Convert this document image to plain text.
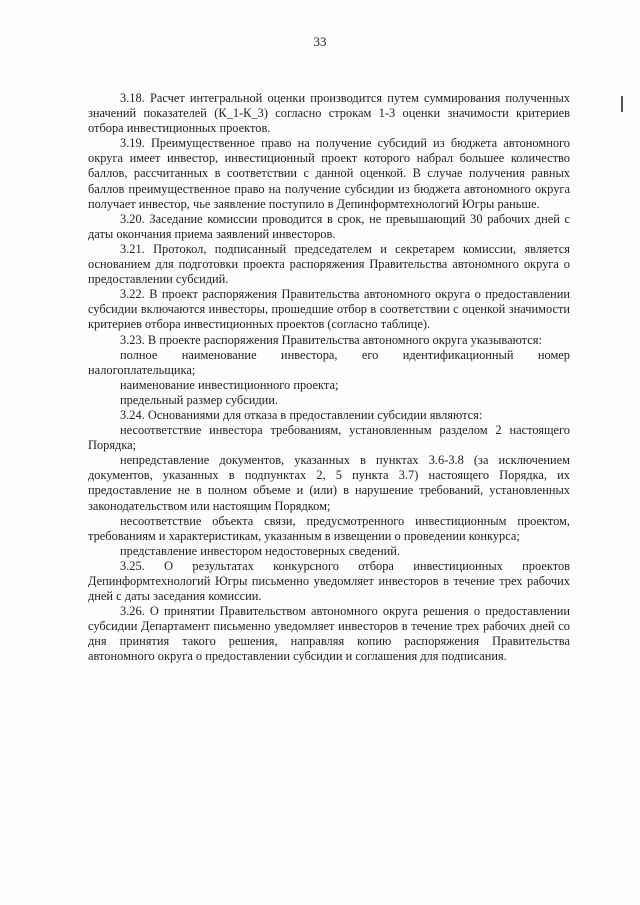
33

3.18. Расчет интегральной оценки производится путем суммирования полученных значений показателей (К_1-К_3) согласно строкам 1-3 оценки значимости критериев отбора инвестиционных проектов.

3.19. Преимущественное право на получение субсидий из бюджета автономного округа имеет инвестор, инвестиционный проект которого набрал большее количество баллов, рассчитанных в соответствии с данной оценкой. В случае получения равных баллов преимущественное право на получение субсидии из бюджета автономного округа получает инвестор, чье заявление поступило в Депинформтехнологий Югры раньше.

3.20. Заседание комиссии проводится в срок, не превышающий 30 рабочих дней с даты окончания приема заявлений инвесторов.

3.21. Протокол, подписанный председателем и секретарем комиссии, является основанием для подготовки проекта распоряжения Правительства автономного округа о предоставлении субсидий.

3.22. В проект распоряжения Правительства автономного округа о предоставлении субсидии включаются инвесторы, прошедшие отбор в соответствии с оценкой значимости критериев отбора инвестиционных проектов (согласно таблице).

3.23. В проекте распоряжения Правительства автономного округа указываются:

полное наименование инвестора, его идентификационный номер налогоплательщика;

наименование инвестиционного проекта;

предельный размер субсидии.

3.24. Основаниями для отказа в предоставлении субсидии являются:

несоответствие инвестора требованиям, установленным разделом 2 настоящего Порядка;

непредставление документов, указанных в пунктах 3.6-3.8 (за исключением документов, указанных в подпунктах 2, 5 пункта 3.7) настоящего Порядка, их предоставление не в полном объеме и (или) в нарушение требований, установленных законодательством или настоящим Порядком;

несоответствие объекта связи, предусмотренного инвестиционным проектом, требованиям и характеристикам, указанным в извещении о проведении конкурса;

представление инвестором недостоверных сведений.

3.25. О результатах конкурсного отбора инвестиционных проектов Депинформтехнологий Югры письменно уведомляет инвесторов в течение трех рабочих дней с даты заседания комиссии.

3.26. О принятии Правительством автономного округа решения о предоставлении субсидии Департамент письменно уведомляет инвесторов в течение трех рабочих дней со дня принятия такого решения, направляя копию распоряжения Правительства автономного округа о предоставлении субсидии и соглашения для подписания.
